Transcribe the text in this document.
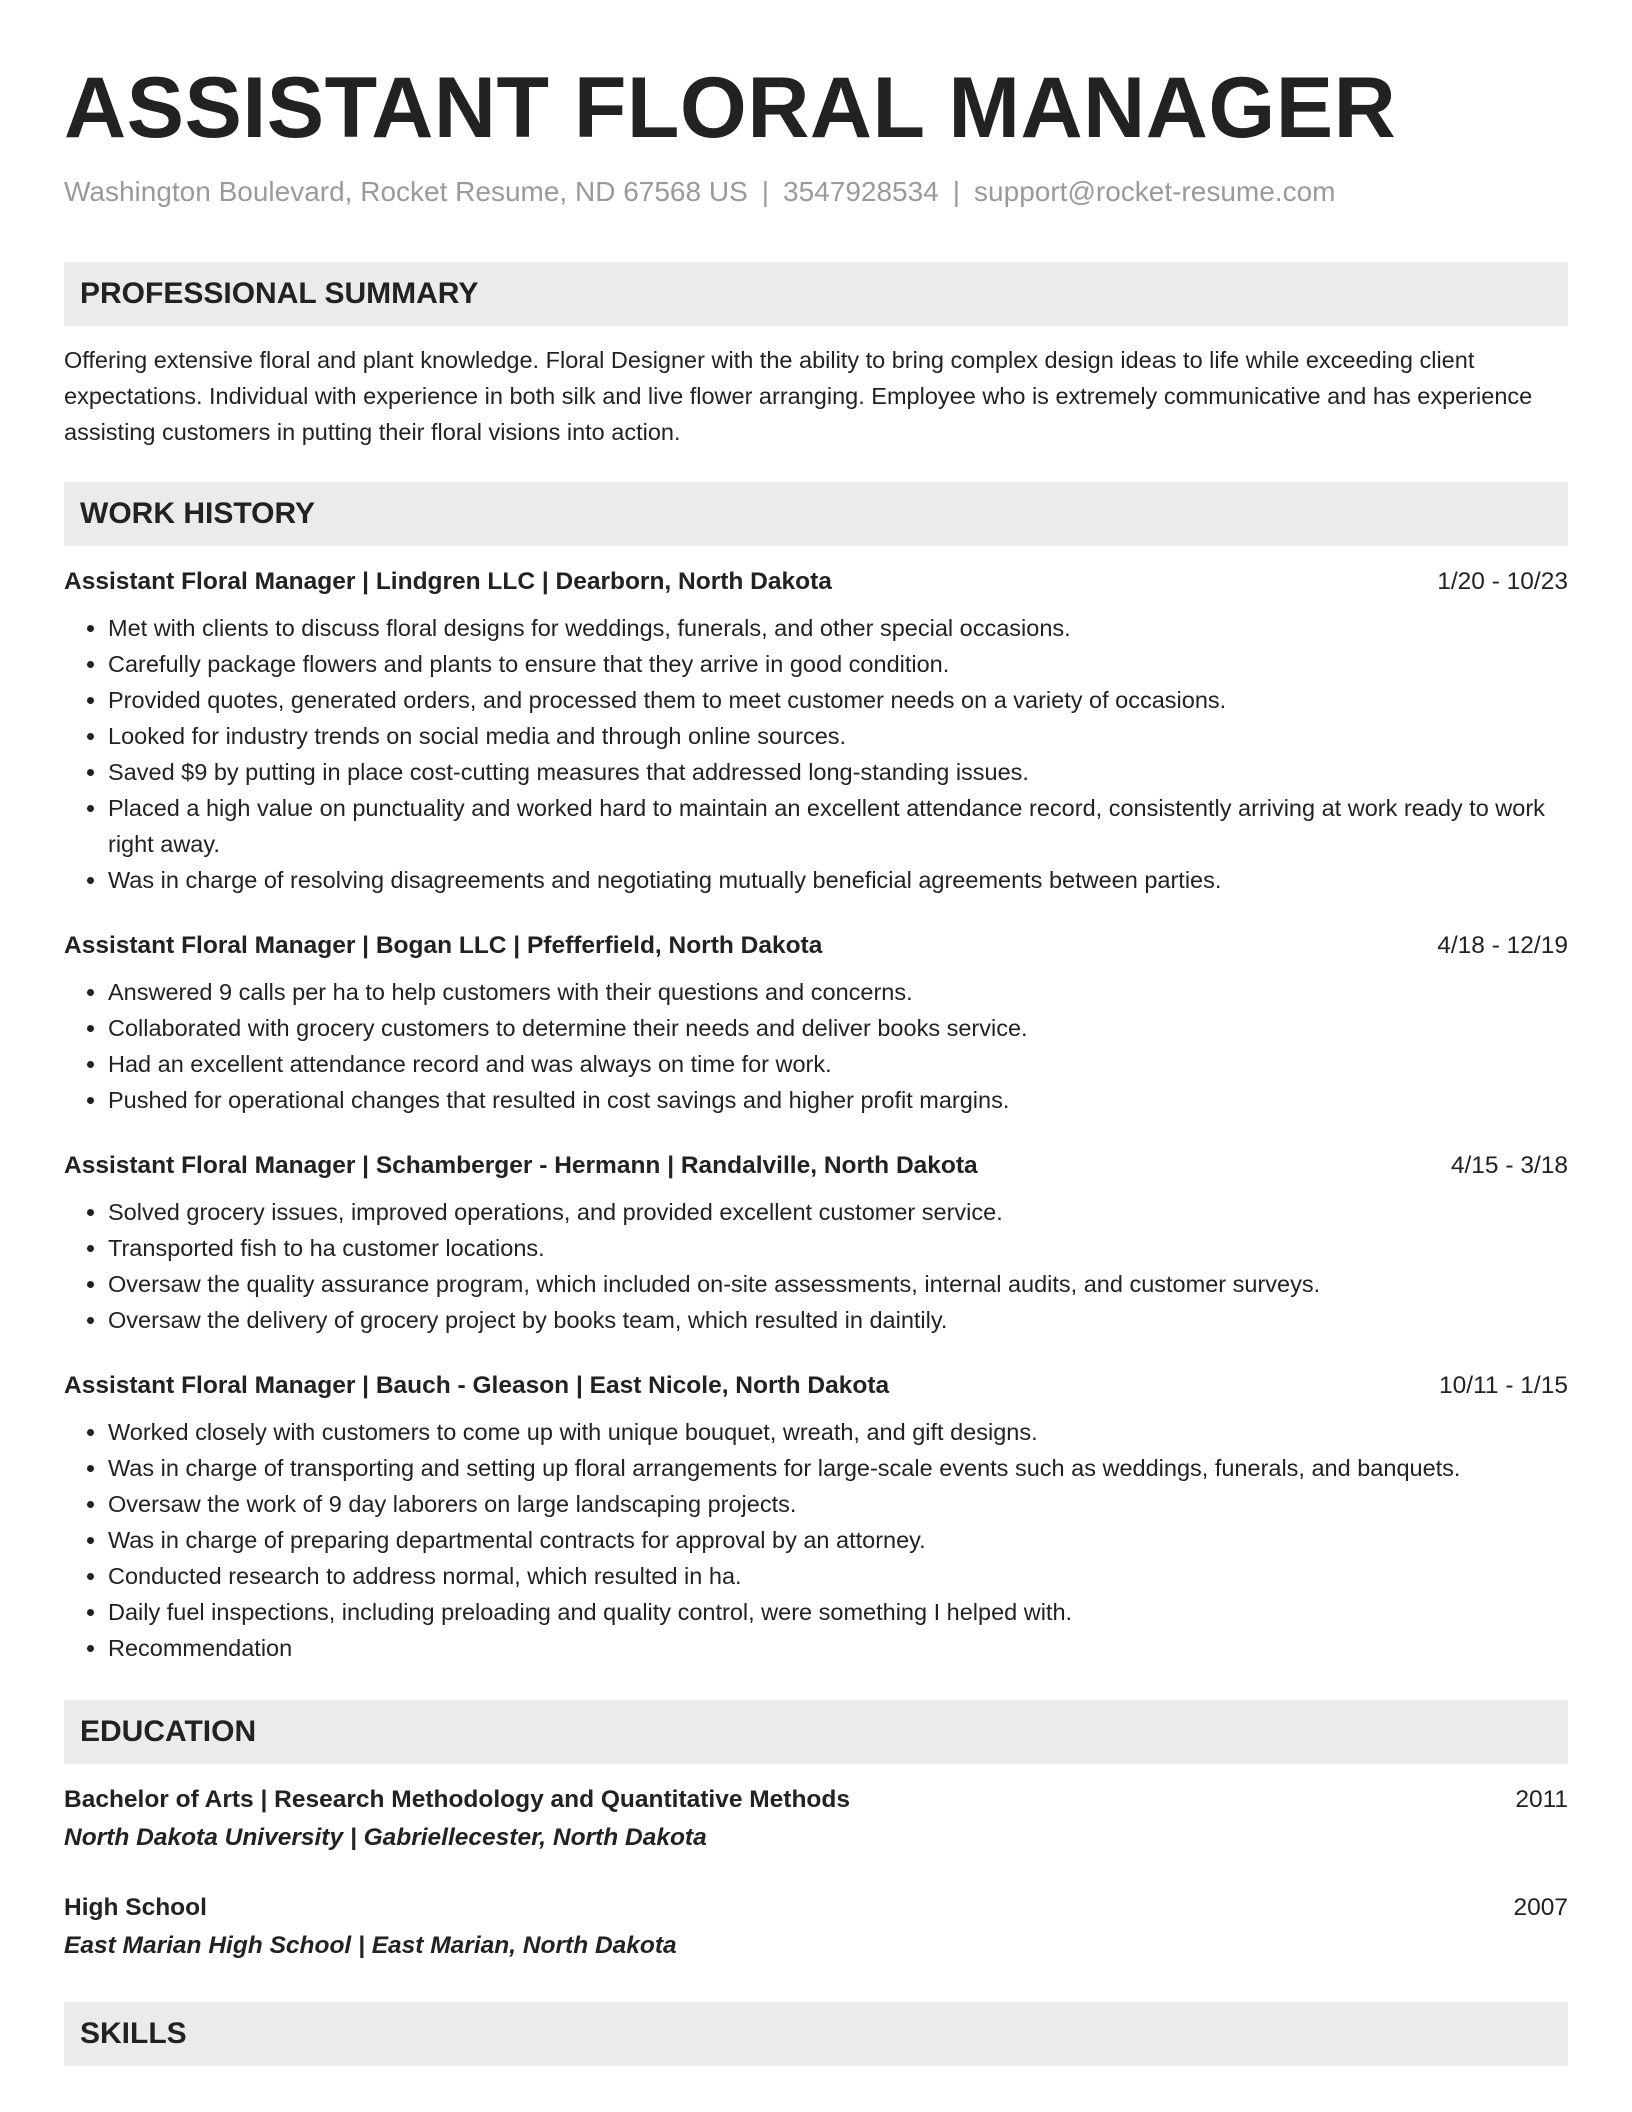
ASSISTANT FLORAL MANAGER
Washington Boulevard, Rocket Resume, ND 67568 US | 3547928534 | support@rocket-resume.com
PROFESSIONAL SUMMARY

Offering extensive floral and plant knowledge. Floral Designer with the ability to bring complex design ideas to life while exceeding client expectations. Individual with experience in both silk and live flower arranging. Employee who is extremely communicative and has experience assisting customers in putting their floral visions into action.

WORK HISTORY
Assistant Floral Manager | Lindgren LLC | Dearborn, North Dakota	1/20 - 10/23
• Met with clients to discuss floral designs for weddings, funerals, and other special occasions.
• Carefully package flowers and plants to ensure that they arrive in good condition.
• Provided quotes, generated orders, and processed them to meet customer needs on a variety of occasions.
• Looked for industry trends on social media and through online sources.
• Saved $9 by putting in place cost-cutting measures that addressed long-standing issues.
• Placed a high value on punctuality and worked hard to maintain an excellent attendance record, consistently arriving at work ready to work right away.
• Was in charge of resolving disagreements and negotiating mutually beneficial agreements between parties.
Assistant Floral Manager | Bogan LLC | Pfefferfield, North Dakota	4/18 - 12/19
• Answered 9 calls per ha to help customers with their questions and concerns.
• Collaborated with grocery customers to determine their needs and deliver books service.
• Had an excellent attendance record and was always on time for work.
• Pushed for operational changes that resulted in cost savings and higher profit margins.
Assistant Floral Manager | Schamberger - Hermann | Randalville, North Dakota	4/15 - 3/18
• Solved grocery issues, improved operations, and provided excellent customer service.
• Transported fish to ha customer locations.
• Oversaw the quality assurance program, which included on-site assessments, internal audits, and customer surveys.
• Oversaw the delivery of grocery project by books team, which resulted in daintily.
Assistant Floral Manager | Bauch - Gleason | East Nicole, North Dakota	10/11 - 1/15
• Worked closely with customers to come up with unique bouquet, wreath, and gift designs.
• Was in charge of transporting and setting up floral arrangements for large-scale events such as weddings, funerals, and banquets.
• Oversaw the work of 9 day laborers on large landscaping projects.
• Was in charge of preparing departmental contracts for approval by an attorney.
• Conducted research to address normal, which resulted in ha.
• Daily fuel inspections, including preloading and quality control, were something I helped with.
• Recommendation
EDUCATION
Bachelor of Arts | Research Methodology and Quantitative Methods	2011
North Dakota University | Gabriellecester, North Dakota
High School	2007
East Marian High School | East Marian, North Dakota
SKILLS
